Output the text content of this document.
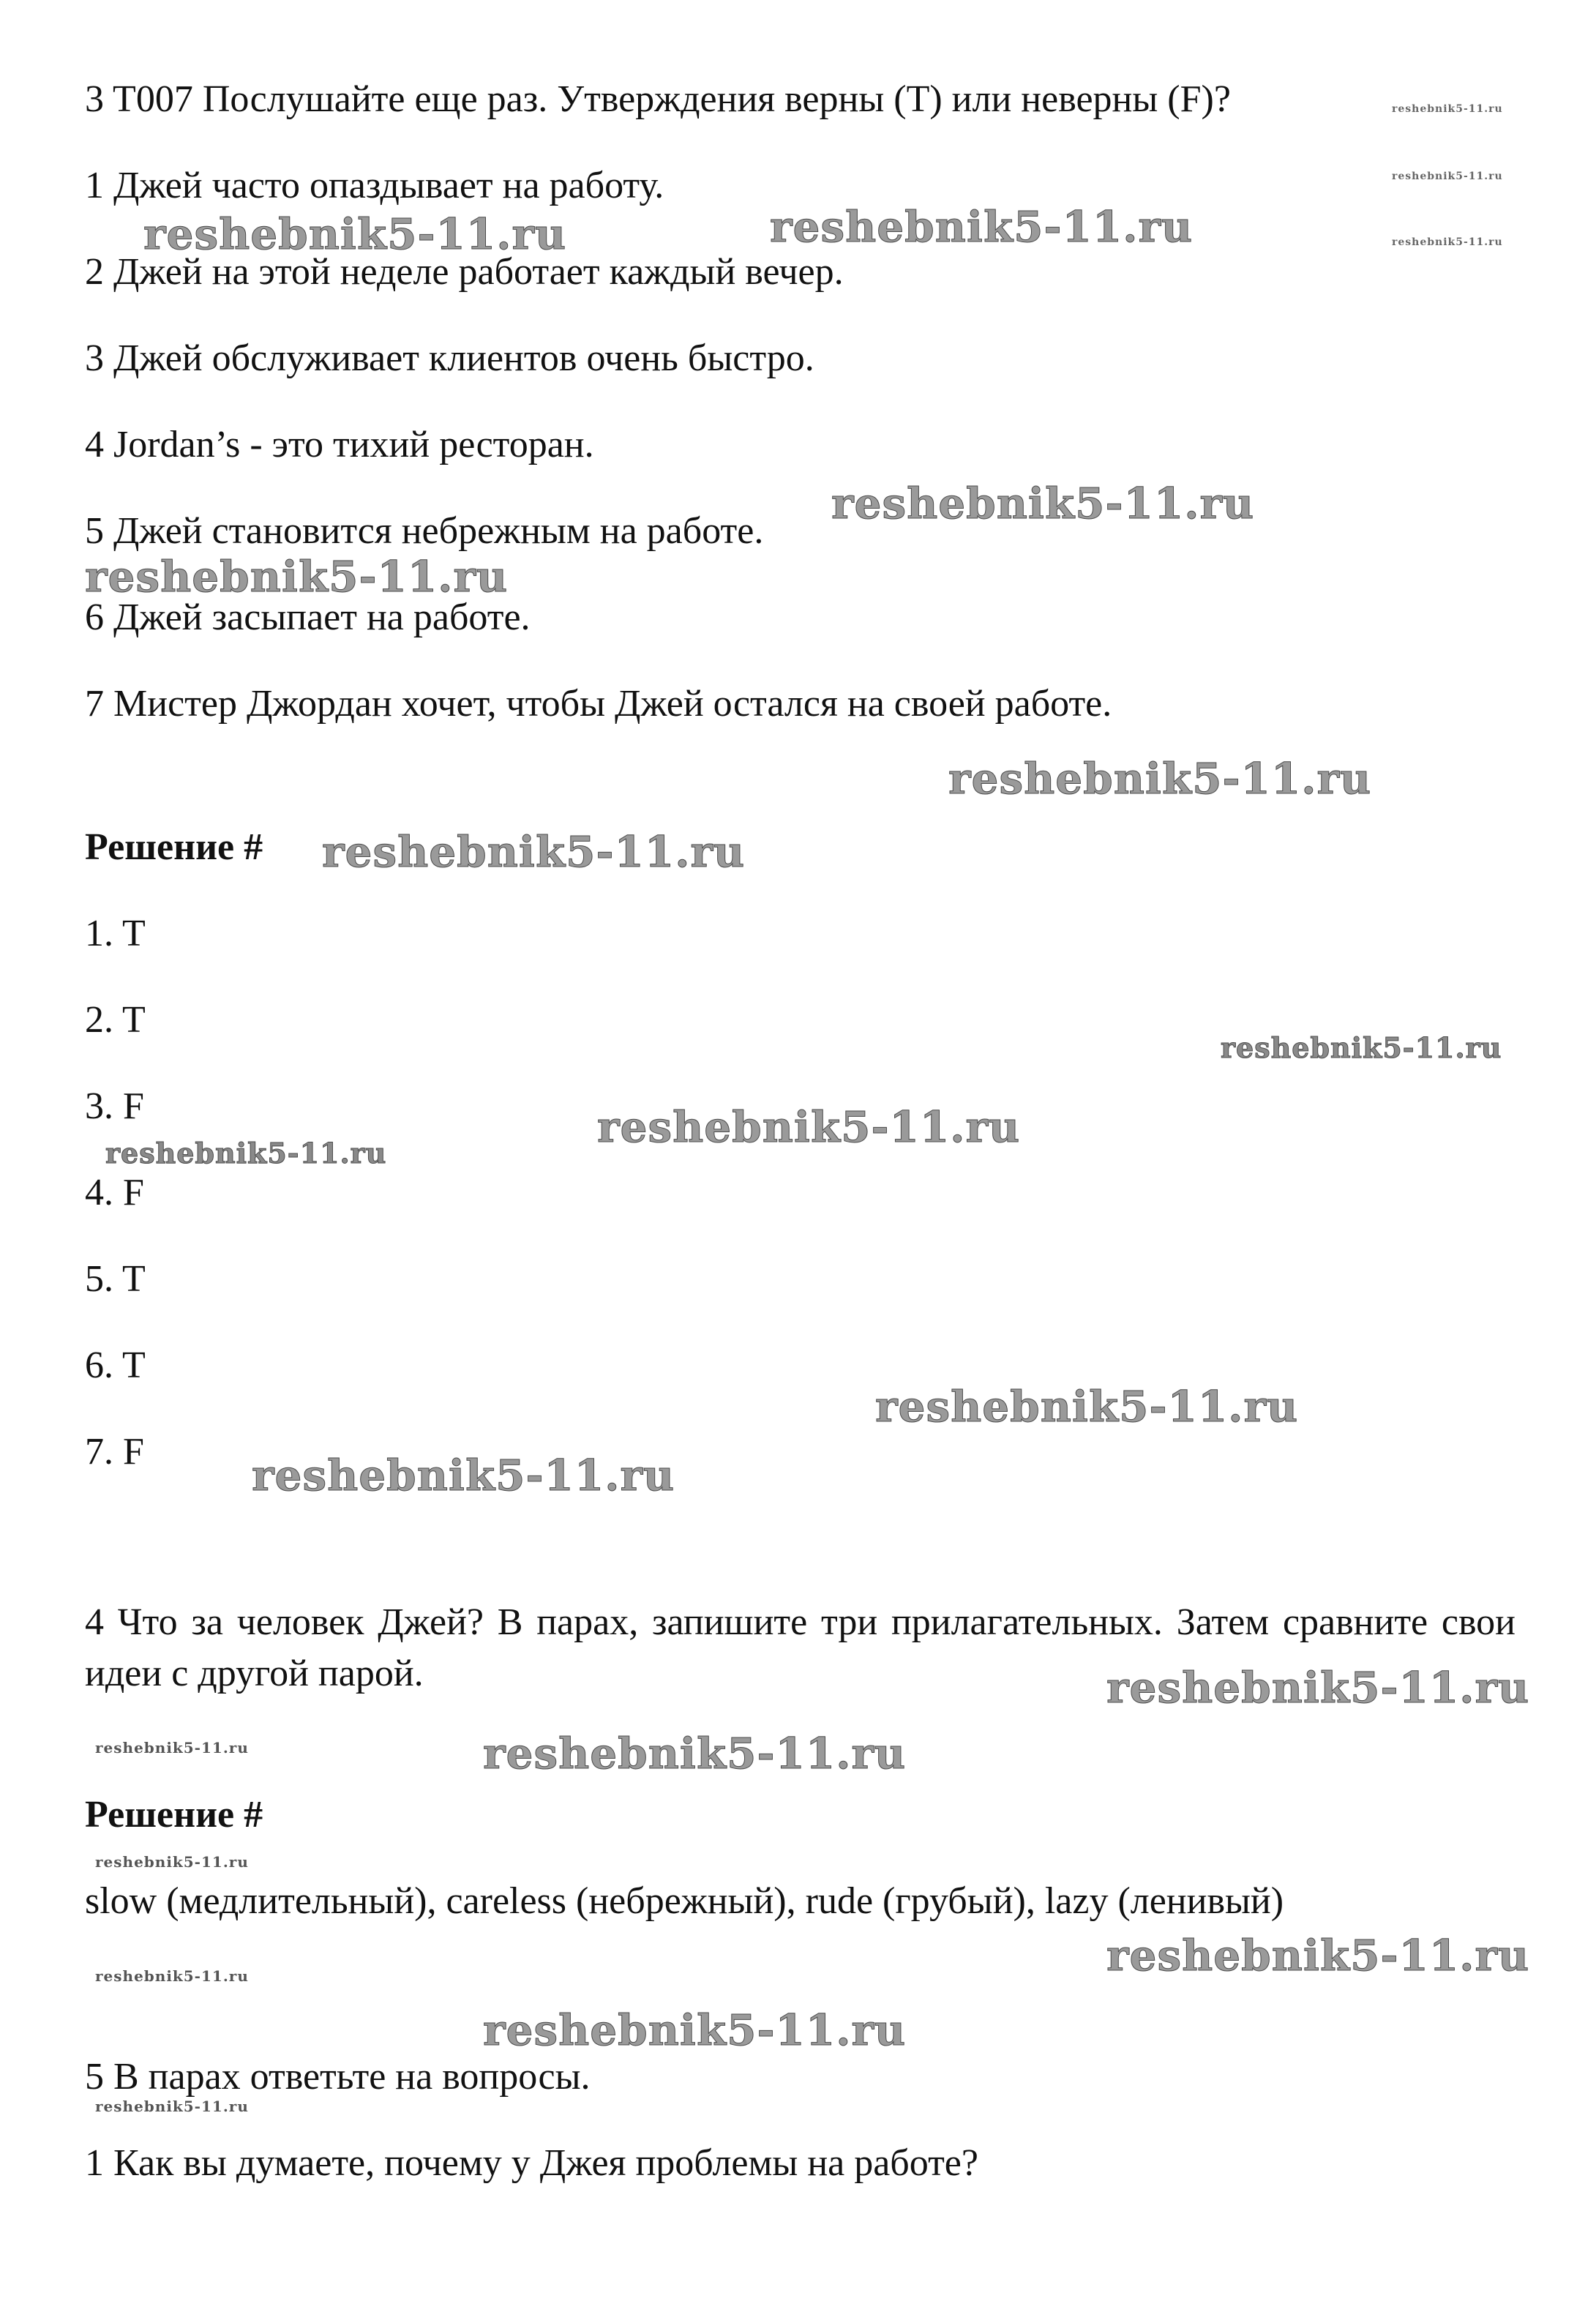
3 T007 Послушайте еще раз. Утверждения верны (T) или неверны (F)?
1 Джей часто опаздывает на работу.
2 Джей на этой неделе работает каждый вечер.
3 Джей обслуживает клиентов очень быстро.
4 Jordan’s - это тихий ресторан.
5 Джей становится небрежным на работе.
6 Джей засыпает на работе.
7 Мистер Джордан хочет, чтобы Джей остался на своей работе.
Решение #
1. T
2. T
3. F
4. F
5. T
6. T
7. F
4 Что за человек Джей? В парах, запишите три прилагательных. Затем сравните свои идеи с другой парой.
Решение #
slow (медлительный), careless (небрежный), rude (грубый), lazy (ленивый)
5 В парах ответьте на вопросы.
1 Как вы думаете, почему у Джея проблемы на работе?
reshebnik5-11.ru
reshebnik5-11.ru
reshebnik5-11.ru
reshebnik5-11.ru	reshebnik5-11.ru
reshebnik5-11.ru
reshebnik5-11.ru
reshebnik5-11.ru
reshebnik5-11.ru
reshebnik5-11.ru
reshebnik5-11.ru
reshebnik5-11.ru
reshebnik5-11.ru
reshebnik5-11.ru
reshebnik5-11.ru
reshebnik5-11.ru	reshebnik5-11.ru
reshebnik5-11.ru
reshebnik5-11.ru
reshebnik5-11.ru
reshebnik5-11.ru
reshebnik5-11.ru
